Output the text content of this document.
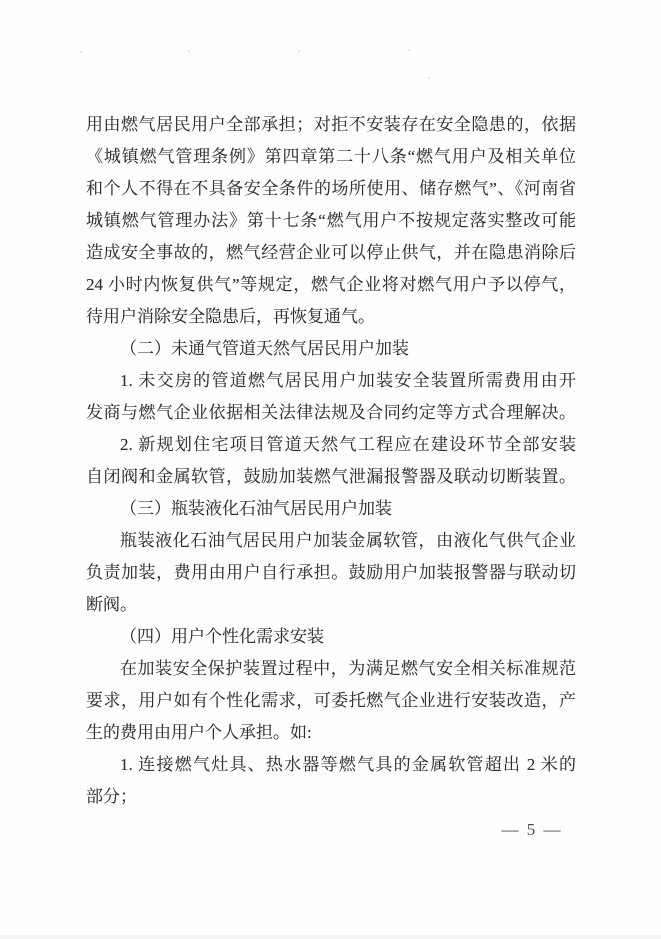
用由燃气居民用户全部承担；对拒不安装存在安全隐患的，依据
《城镇燃气管理条例》第四章第二十八条“燃气用户及相关单位
和个人不得在不具备安全条件的场所使用、储存燃气”、《河南省
城镇燃气管理办法》第十七条“燃气用户不按规定落实整改可能
造成安全事故的，燃气经营企业可以停止供气，并在隐患消除后
24 小时内恢复供气”等规定，燃气企业将对燃气用户予以停气，
待用户消除安全隐患后，再恢复通气。
（二）未通气管道天然气居民用户加装
1. 未交房的管道燃气居民用户加装安全装置所需费用由开
发商与燃气企业依据相关法律法规及合同约定等方式合理解决。
2. 新规划住宅项目管道天然气工程应在建设环节全部安装
自闭阀和金属软管，鼓励加装燃气泄漏报警器及联动切断装置。
（三）瓶装液化石油气居民用户加装
瓶装液化石油气居民用户加装金属软管，由液化气供气企业
负责加装，费用由用户自行承担。鼓励用户加装报警器与联动切
断阀。
（四）用户个性化需求安装
在加装安全保护装置过程中，为满足燃气安全相关标准规范
要求，用户如有个性化需求，可委托燃气企业进行安装改造，产
生的费用由用户个人承担。如:
1. 连接燃气灶具、热水器等燃气具的金属软管超出 2 米的
部分；
— 5 —
